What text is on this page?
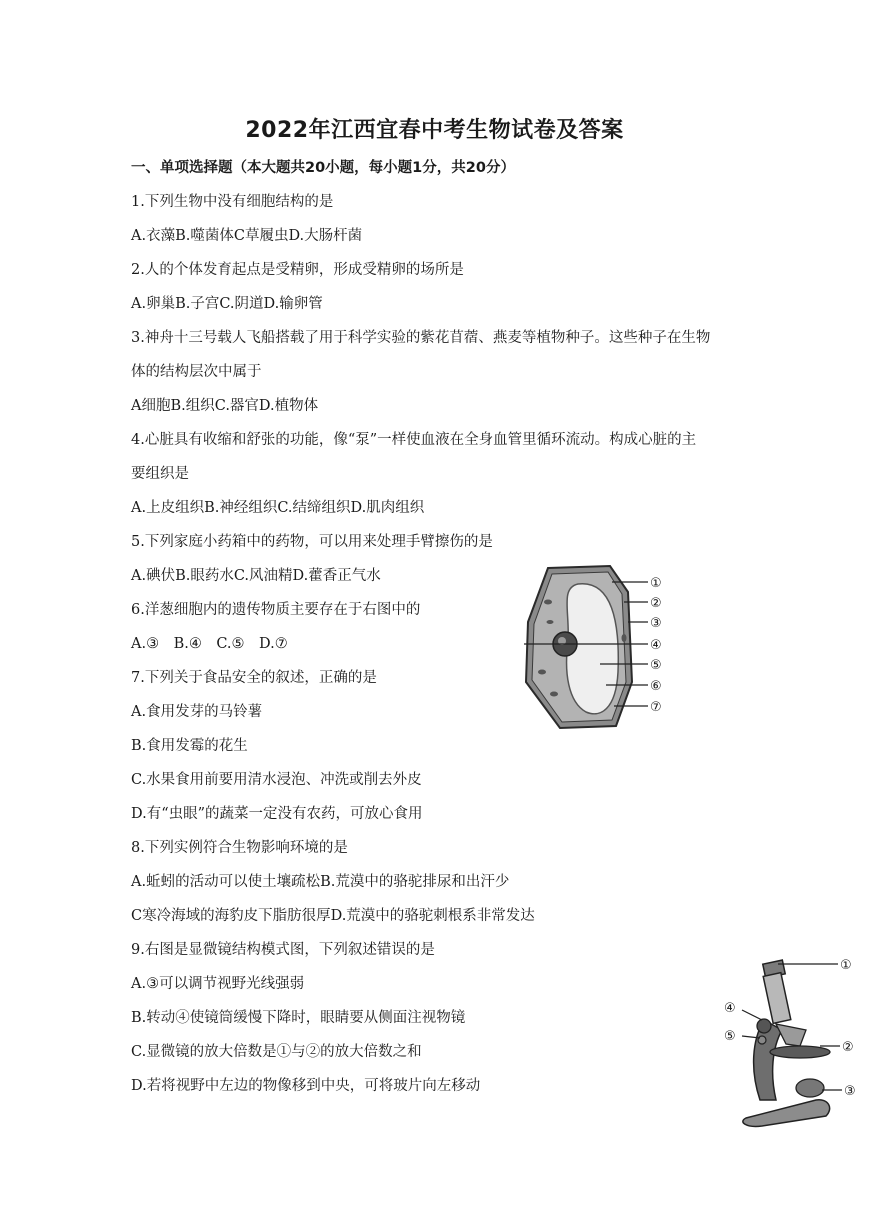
2022年江西宜春中考生物试卷及答案
一、单项选择题（本大题共20小题，每小题1分，共20分）
1.下列生物中没有细胞结构的是
A.衣藻B.噬菌体C草履虫D.大肠杆菌
2.人的个体发育起点是受精卵，形成受精卵的场所是
A.卵巢B.子宫C.阴道D.输卵管
3.神舟十三号载人飞船搭载了用于科学实验的紫花苜蓿、燕麦等植物种子。这些种子在生物
体的结构层次中属于
A细胞B.组织C.器官D.植物体
4.心脏具有收缩和舒张的功能，像“泵”一样使血液在全身血管里循环流动。构成心脏的主
要组织是
A.上皮组织B.神经组织C.结缔组织D.肌肉组织
5.下列家庭小药箱中的药物，可以用来处理手臂擦伤的是
A.碘伏B.眼药水C.风油精D.藿香正气水
6.洋葱细胞内的遗传物质主要存在于右图中的
A.③　B.④　C.⑤　D.⑦
7.下列关于食品安全的叙述，正确的是
A.食用发芽的马铃薯
B.食用发霉的花生
C.水果食用前要用清水浸泡、冲洗或削去外皮
D.有“虫眼”的蔬菜一定没有农药，可放心食用
8.下列实例符合生物影响环境的是
A.蚯蚓的活动可以使土壤疏松B.荒漠中的骆驼排尿和出汗少
C寒冷海域的海豹皮下脂肪很厚D.荒漠中的骆驼刺根系非常发达
9.右图是显微镜结构模式图，下列叙述错误的是
A.③可以调节视野光线强弱
B.转动④使镜筒缓慢下降时，眼睛要从侧面注视物镜
C.显微镜的放大倍数是①与②的放大倍数之和
D.若将视野中左边的物像移到中央，可将玻片向左移动
①
②
③
④
⑤
⑥
⑦
①
④
⑤
②
③
